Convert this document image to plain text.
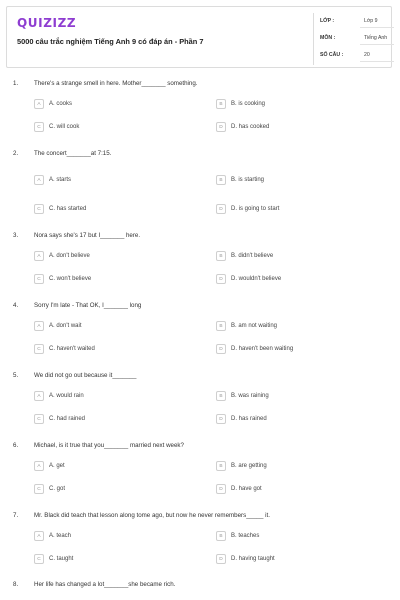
QUIZIZZ
5000 câu trắc nghiệm Tiếng Anh 9 có đáp án - Phần 7
LỚP :	Lớp 9
MÔN :	Tiếng Anh
SỐ CÂU :	20
1.	There's a strange smell in here. Mother_______ something.
A	A. cooks	B	B. is cooking
C	C. will cook	D	D. has cooked
2.	The concert_______at 7:15.
A	A. starts	B	B. is starting
C	C. has started	D	D. is going to start
3.	Nora says she's 17 but I_______ here.
A	A. don't believe	B	B. didn't believe
C	C. won't believe	D	D. wouldn't believe
4.	Sorry I'm late - That OK, I_______ long
A	A. don't wait	B	B. am not waiting
C	C. haven't waited	D	D. haven't been waiting
5.	We did not go out because it_______
A	A. would rain	B	B. was raining
C	C. had rained	D	D. has rained
6.	Michael, is it true that you_______ married next week?
A	A. get	B	B. are getting
C	C. got	D	D. have got
7.	Mr. Black did teach that lesson along tome ago, but now he never remembers_____ it.
A	A. teach	B	B. teaches
C	C. taught	D	D. having taught
8.	Her life has changed a lot_______she became rich.
